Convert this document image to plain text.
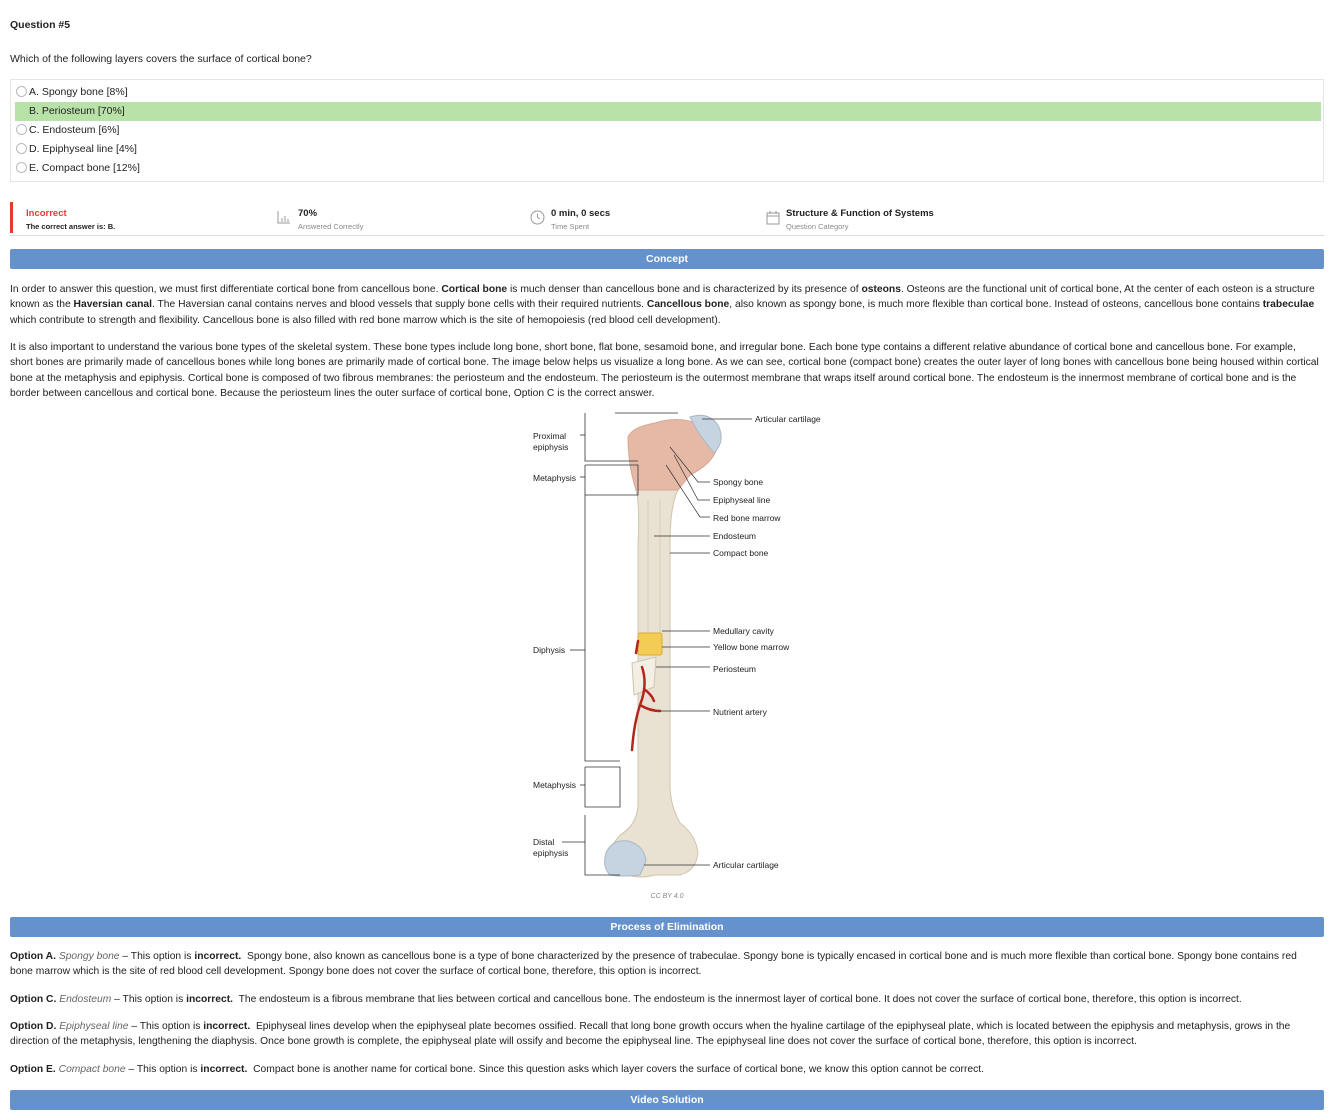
Question #5
Which of the following layers covers the surface of cortical bone?
A. Spongy bone [8%]
B. Periosteum [70%]
C. Endosteum [6%]
D. Epiphyseal line [4%]
E. Compact bone [12%]
Incorrect
The correct answer is: B.
70%
Answered Correctly
0 min, 0 secs
Time Spent
Structure & Function of Systems
Question Category
Concept
In order to answer this question, we must first differentiate cortical bone from cancellous bone. Cortical bone is much denser than cancellous bone and is characterized by its presence of osteons. Osteons are the functional unit of cortical bone, At the center of each osteon is a structure known as the Haversian canal. The Haversian canal contains nerves and blood vessels that supply bone cells with their required nutrients. Cancellous bone, also known as spongy bone, is much more flexible than cortical bone. Instead of osteons, cancellous bone contains trabeculae which contribute to strength and flexibility. Cancellous bone is also filled with red bone marrow which is the site of hemopoiesis (red blood cell development).
It is also important to understand the various bone types of the skeletal system. These bone types include long bone, short bone, flat bone, sesamoid bone, and irregular bone. Each bone type contains a different relative abundance of cortical bone and cancellous bone. For example, short bones are primarily made of cancellous bones while long bones are primarily made of cortical bone. The image below helps us visualize a long bone. As we can see, cortical bone (compact bone) creates the outer layer of long bones with cancellous bone being housed within cortical bone at the metaphysis and epiphysis. Cortical bone is composed of two fibrous membranes: the periosteum and the endosteum. The periosteum is the outermost membrane that wraps itself around cortical bone. The endosteum is the innermost membrane of cortical bone and is the border between cancellous and cortical bone. Because the periosteum lines the outer surface of cortical bone, Option C is the correct answer.
Proximal
epiphysis
Metaphysis
Diphysis
Metaphysis
Distal
epiphysis
Articular cartilage
Spongy bone
Epiphyseal line
Red bone marrow
Endosteum
Compact bone
Medullary cavity
Yellow bone marrow
Periosteum
Nutrient artery
Articular cartilage
CC BY 4.0
Process of Elimination
Option A. Spongy bone – This option is incorrect. Spongy bone, also known as cancellous bone is a type of bone characterized by the presence of trabeculae. Spongy bone is typically encased in cortical bone and is much more flexible than cortical bone. Spongy bone contains red bone marrow which is the site of red blood cell development. Spongy bone does not cover the surface of cortical bone, therefore, this option is incorrect.
Option C. Endosteum – This option is incorrect. The endosteum is a fibrous membrane that lies between cortical and cancellous bone. The endosteum is the innermost layer of cortical bone. It does not cover the surface of cortical bone, therefore, this option is incorrect.
Option D. Epiphyseal line – This option is incorrect. Epiphyseal lines develop when the epiphyseal plate becomes ossified. Recall that long bone growth occurs when the hyaline cartilage of the epiphyseal plate, which is located between the epiphysis and metaphysis, grows in the direction of the metaphysis, lengthening the diaphysis. Once bone growth is complete, the epiphyseal plate will ossify and become the epiphyseal line. The epiphyseal line does not cover the surface of cortical bone, therefore, this option is incorrect.
Option E. Compact bone – This option is incorrect. Compact bone is another name for cortical bone. Since this question asks which layer covers the surface of cortical bone, we know this option cannot be correct.
Video Solution
